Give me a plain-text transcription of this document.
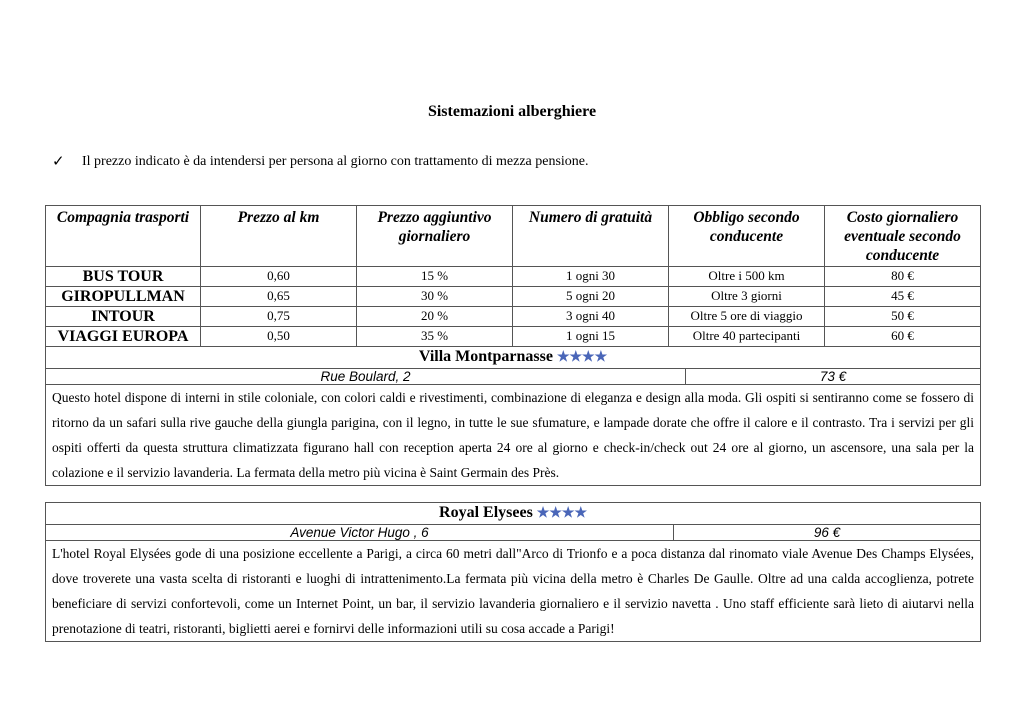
Sistemazioni alberghiere
✓	Il prezzo indicato è da intendersi per persona al giorno con trattamento di mezza pensione.
Compagnia trasporti	Prezzo al km	Prezzo aggiuntivo giornaliero	Numero di gratuità	Obbligo secondo conducente	Costo giornaliero eventuale secondo conducente
BUS TOUR	0,60	15 %	1 ogni 30	Oltre i 500 km	80 €
GIROPULLMAN	0,65	30 %	5 ogni 20	Oltre 3 giorni	45 €
INTOUR	0,75	20 %	3 ogni 40	Oltre 5 ore di viaggio	50 €
VIAGGI EUROPA	0,50	35 %	1 ogni 15	Oltre 40 partecipanti	60 €
Villa Montparnasse ★★★★
Rue Boulard, 2	73 €
Questo hotel dispone di interni in stile coloniale, con colori caldi e rivestimenti, combinazione di eleganza e design alla moda. Gli ospiti si sentiranno come se fossero di ritorno da un safari sulla rive gauche della giungla parigina, con il legno, in tutte le sue sfumature, e lampade dorate che offre il calore e il contrasto. Tra i servizi per gli ospiti offerti da questa struttura climatizzata figurano hall con reception aperta 24 ore al giorno e check-in/check out 24 ore al giorno, un ascensore, una sala per la colazione e il servizio lavanderia. La fermata della metro più vicina è Saint Germain des Près.
Royal Elysees ★★★★
Avenue Victor Hugo , 6	96 €
L'hotel Royal Elysées gode di una posizione eccellente a Parigi, a circa 60 metri dall"Arco di Trionfo e a poca distanza dal rinomato viale Avenue Des Champs Elysées, dove troverete una vasta scelta di ristoranti e luoghi di intrattenimento.La fermata più vicina della metro è Charles De Gaulle. Oltre ad una calda accoglienza, potrete beneficiare di servizi confortevoli, come un Internet Point, un bar, il servizio lavanderia giornaliero e il servizio navetta . Uno staff efficiente sarà lieto di aiutarvi nella prenotazione di teatri, ristoranti, biglietti aerei e fornirvi delle informazioni utili su cosa accade a Parigi!
